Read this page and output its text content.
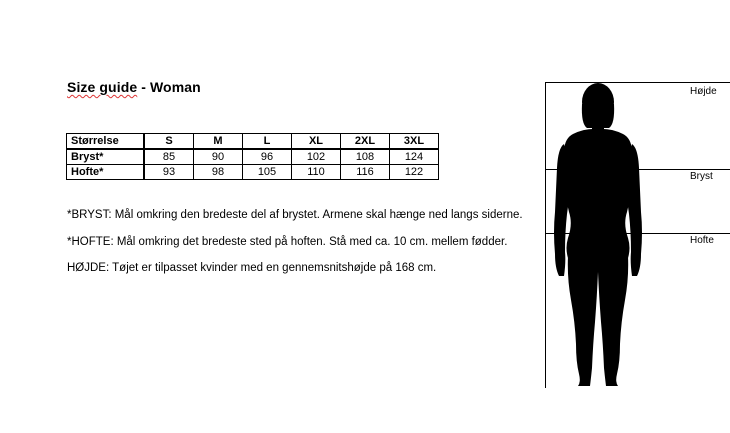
Size guide - Woman
Størrelse	S	M	L	XL	2XL	3XL
Bryst*	85	90	96	102	108	124
Hofte*	93	98	105	110	116	122
*BRYST: Mål omkring den bredeste del af brystet. Armene skal hænge ned langs siderne.
*HOFTE: Mål omkring det bredeste sted på hoften. Stå med ca. 10 cm. mellem fødder.
HØJDE: Tøjet er tilpasset kvinder med en gennemsnitshøjde på 168 cm.
Højde
Bryst
Hofte
